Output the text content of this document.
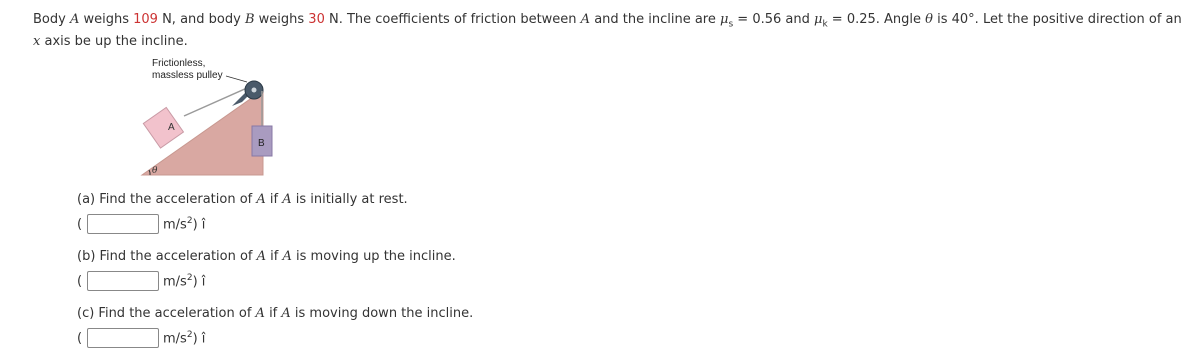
Body A weighs 109 N, and body B weighs 30 N. The coefficients of friction between A and the incline are $\mu_s = 0.56$ and $\mu_k = 0.25$. Angle θ is 40°. Let the positive direction of an x axis be up the incline.
A
B
θ
Frictionless,
massless pulley
(a) Find the acceleration of A if A is initially at rest.
(	$m/s^2$) î
(b) Find the acceleration of A if A is moving up the incline.
(	$m/s^2$) î
(c) Find the acceleration of A if A is moving down the incline.
(	$m/s^2$) î
